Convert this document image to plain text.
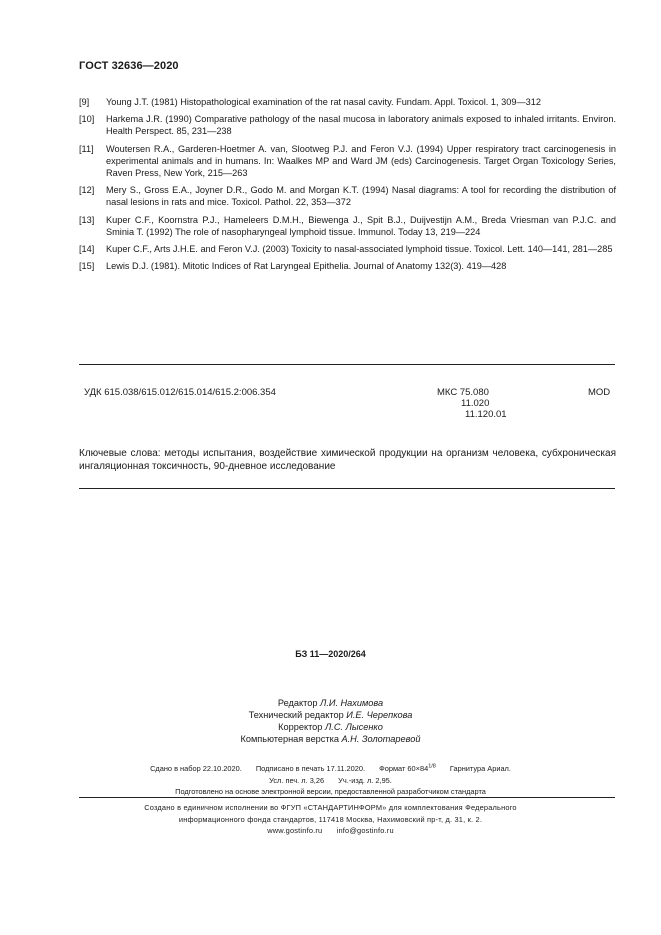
ГОСТ 32636—2020
[9]	Young J.T. (1981) Histopathological examination of the rat nasal cavity. Fundam. Appl. Toxicol. 1, 309—312
[10]	Harkema J.R. (1990) Comparative pathology of the nasal mucosa in laboratory animals exposed to inhaled irritants. Environ. Health Perspect. 85, 231—238
[11]	Woutersen R.A., Garderen-Hoetmer A. van, Slootweg P.J. and Feron V.J. (1994) Upper respiratory tract carcinogenesis in experimental animals and in humans. In: Waalkes MP and Ward JM (eds) Carcinogenesis. Target Organ Toxicology Series, Raven Press, New York, 215—263
[12]	Mery S., Gross E.A., Joyner D.R., Godo M. and Morgan K.T. (1994) Nasal diagrams: A tool for recording the distribution of nasal lesions in rats and mice. Toxicol. Pathol. 22, 353—372
[13]	Kuper C.F., Koornstra P.J., Hameleers D.M.H., Biewenga J., Spit B.J., Duijvestijn A.M., Breda Vriesman van P.J.C. and Sminia T. (1992) The role of nasopharyngeal lymphoid tissue. Immunol. Today 13, 219—224
[14]	Kuper C.F., Arts J.H.E. and Feron V.J. (2003) Toxicity to nasal-associated lymphoid tissue. Toxicol. Lett. 140—141, 281—285
[15]	Lewis D.J. (1981). Mitotic Indices of Rat Laryngeal Epithelia. Journal of Anatomy 132(3). 419—428
УДК 615.038/615.012/615.014/615.2:006.354	МКС 75.080
11.020
11.120.01
MOD
Ключевые слова: методы испытания, воздействие химической продукции на организм человека, субхроническая ингаляционная токсичность, 90-дневное исследование
БЗ 11—2020/264
Редактор Л.И. Нахимова
Технический редактор И.Е. Черепкова
Корректор Л.С. Лысенко
Компьютерная верстка А.Н. Золотаревой
Сдано в набор 22.10.2020. Подписано в печать 17.11.2020. Формат $60\times 84^{1/8}$ Гарнитура Ариал.
Усл. печ. л. 3,26 Уч.-изд. л. 2,95.
Подготовлено на основе электронной версии, предоставленной разработчиком стандарта
Создано в единичном исполнении во ФГУП «СТАНДАРТИНФОРМ» для комплектования Федерального
информационного фонда стандартов, 117418 Москва, Нахимовский пр-т, д. 31, к. 2.
www.gostinfo.ru info@gostinfo.ru
